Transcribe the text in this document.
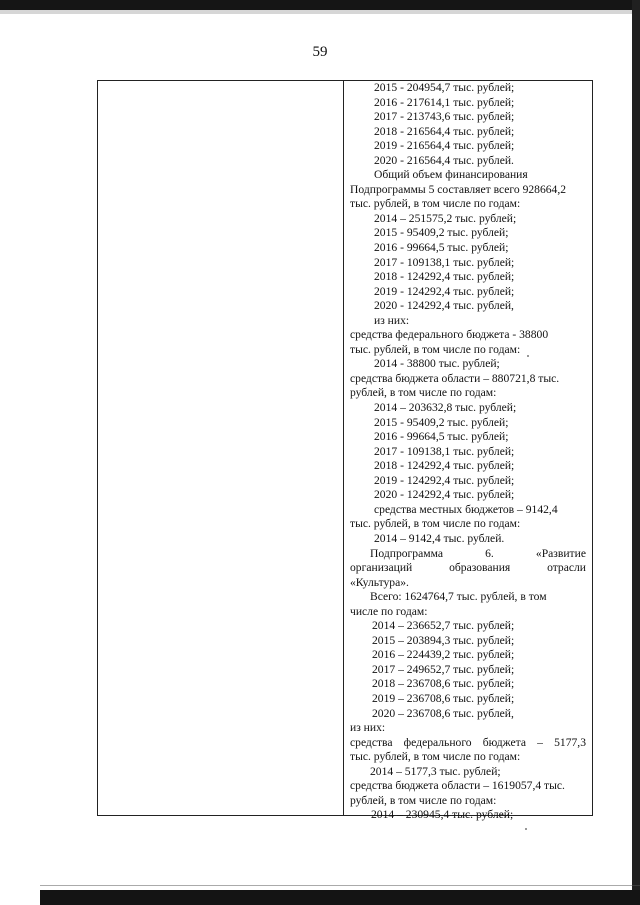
59
2015 - 204954,7 тыс. рублей;
2016 - 217614,1 тыс. рублей;
2017 - 213743,6 тыс. рублей;
2018 - 216564,4 тыс. рублей;
2019 - 216564,4 тыс. рублей;
2020 - 216564,4 тыс. рублей.
Общий объем финансирования
Подпрограммы 5 составляет всего 928664,2
тыс. рублей, в том числе по годам:
2014 – 251575,2 тыс. рублей;
2015 - 95409,2 тыс. рублей;
2016 - 99664,5 тыс. рублей;
2017 - 109138,1 тыс. рублей;
2018 - 124292,4 тыс. рублей;
2019 - 124292,4 тыс. рублей;
2020 - 124292,4 тыс. рублей,
из них:
средства федерального бюджета - 38800
тыс. рублей, в том числе по годам:
2014 - 38800 тыс. рублей;
средства бюджета области – 880721,8 тыс.
рублей, в том числе по годам:
2014 – 203632,8 тыс. рублей;
2015 - 95409,2 тыс. рублей;
2016 - 99664,5 тыс. рублей;
2017 - 109138,1 тыс. рублей;
2018 - 124292,4 тыс. рублей;
2019 - 124292,4 тыс. рублей;
2020 - 124292,4 тыс. рублей;
средства местных бюджетов – 9142,4
тыс. рублей, в том числе по годам:
2014 – 9142,4 тыс. рублей.
Подпрограмма	6.	«Развитие
организаций	образования	отрасли
«Культура».
Всего: 1624764,7 тыс. рублей, в том
числе по годам:
2014 – 236652,7 тыс. рублей;
2015 – 203894,3 тыс. рублей;
2016 – 224439,2 тыс. рублей;
2017 – 249652,7 тыс. рублей;
2018 – 236708,6 тыс. рублей;
2019 – 236708,6 тыс. рублей;
2020 – 236708,6 тыс. рублей,
из них:
средства федерального бюджета – 5177,3
тыс. рублей, в том числе по годам:
2014 – 5177,3 тыс. рублей;
средства бюджета области – 1619057,4 тыс.
рублей, в том числе по годам:
2014 – 230945,4 тыс. рублей;
